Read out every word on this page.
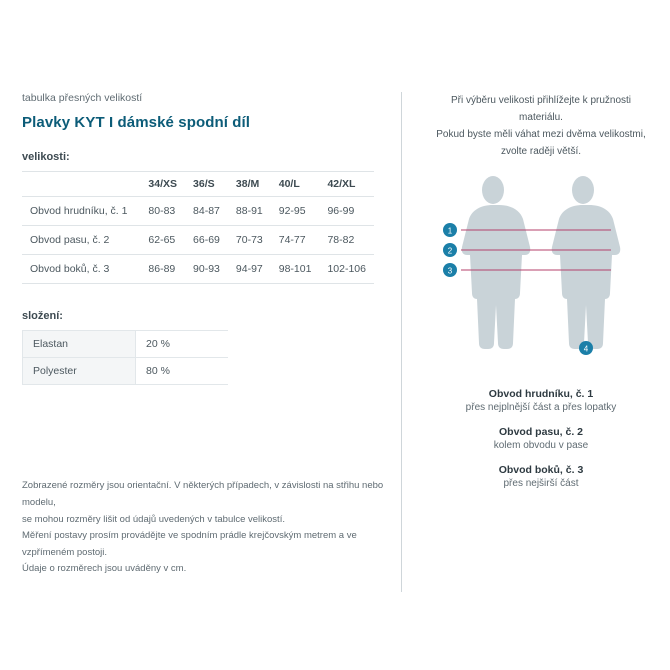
tabulka přesných velikostí
Plavky KYT I dámské spodní díl
velikosti:
	34/XS	36/S	38/M	40/L	42/XL
Obvod hrudníku, č. 1	80-83	84-87	88-91	92-95	96-99
Obvod pasu, č. 2	62-65	66-69	70-73	74-77	78-82
Obvod boků, č. 3	86-89	90-93	94-97	98-101	102-106
složení:
Elastan	20 %
Polyester	80 %
Zobrazené rozměry jsou orientační. V některých případech, v závislosti na střihu nebo modelu,
se mohou rozměry lišit od údajů uvedených v tabulce velikostí.
Měření postavy prosím provádějte ve spodním prádle krejčovským metrem a ve vzpřímeném postoji.
Údaje o rozměrech jsou uváděny v cm.
Při výběru velikosti přihlížejte k pružnosti materiálu.
Pokud byste měli váhat mezi dvěma velikostmi,
zvolte raději větší.
1
2
3
4
Obvod hrudníku, č. 1
přes nejplnější část a přes lopatky
Obvod pasu, č. 2
kolem obvodu v pase
Obvod boků, č. 3
přes nejširší část
